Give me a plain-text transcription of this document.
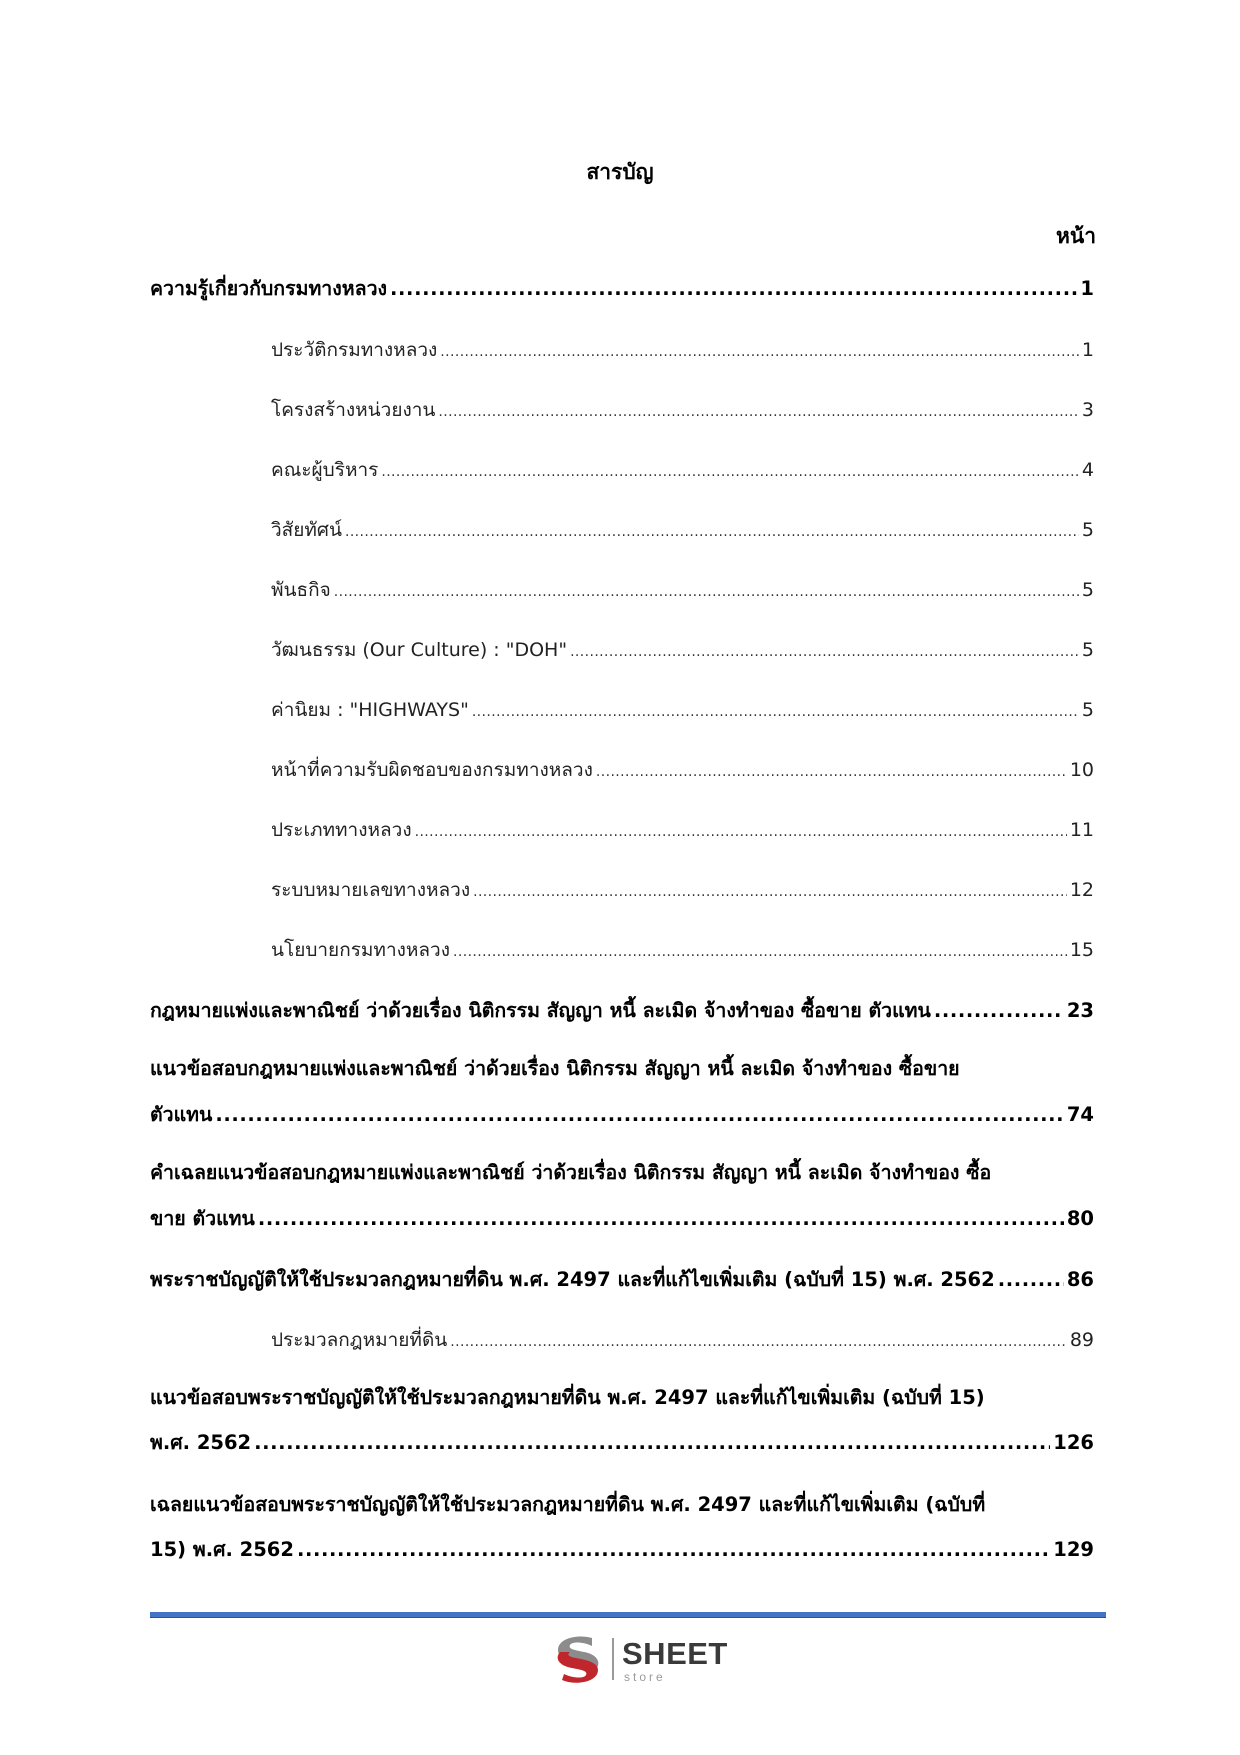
สารบัญ
หน้า
ความรู้เกี่ยวกับกรมทางหลวง .....	1
ประวัติกรมทางหลวง .....	1
โครงสร้างหน่วยงาน .....	3
คณะผู้บริหาร .....	4
วิสัยทัศน์ .....	5
พันธกิจ .....	5
วัฒนธรรม (Our Culture) : "DOH" .....	5
ค่านิยม : "HIGHWAYS" .....	5
หน้าที่ความรับผิดชอบของกรมทางหลวง .....	10
ประเภททางหลวง .....	11
ระบบหมายเลขทางหลวง .....	12
นโยบายกรมทางหลวง .....	15
กฎหมายแพ่งและพาณิชย์ ว่าด้วยเรื่อง นิติกรรม สัญญา หนี้ ละเมิด จ้างทำของ ซื้อขาย ตัวแทน .....	23
แนวข้อสอบกฎหมายแพ่งและพาณิชย์ ว่าด้วยเรื่อง นิติกรรม สัญญา หนี้ ละเมิด จ้างทำของ ซื้อขาย
ตัวแทน .....	74
คำเฉลยแนวข้อสอบกฎหมายแพ่งและพาณิชย์ ว่าด้วยเรื่อง นิติกรรม สัญญา หนี้ ละเมิด จ้างทำของ ซื้อ
ขาย ตัวแทน .....	80
พระราชบัญญัติให้ใช้ประมวลกฎหมายที่ดิน พ.ศ. 2497 และที่แก้ไขเพิ่มเติม (ฉบับที่ 15) พ.ศ. 2562 .....	86
ประมวลกฎหมายที่ดิน .....	89
แนวข้อสอบพระราชบัญญัติให้ใช้ประมวลกฎหมายที่ดิน พ.ศ. 2497 และที่แก้ไขเพิ่มเติม (ฉบับที่ 15)
พ.ศ. 2562 .....	126
เฉลยแนวข้อสอบพระราชบัญญัติให้ใช้ประมวลกฎหมายที่ดิน พ.ศ. 2497 และที่แก้ไขเพิ่มเติม (ฉบับที่
15) พ.ศ. 2562 .....	129
SHEET
store
